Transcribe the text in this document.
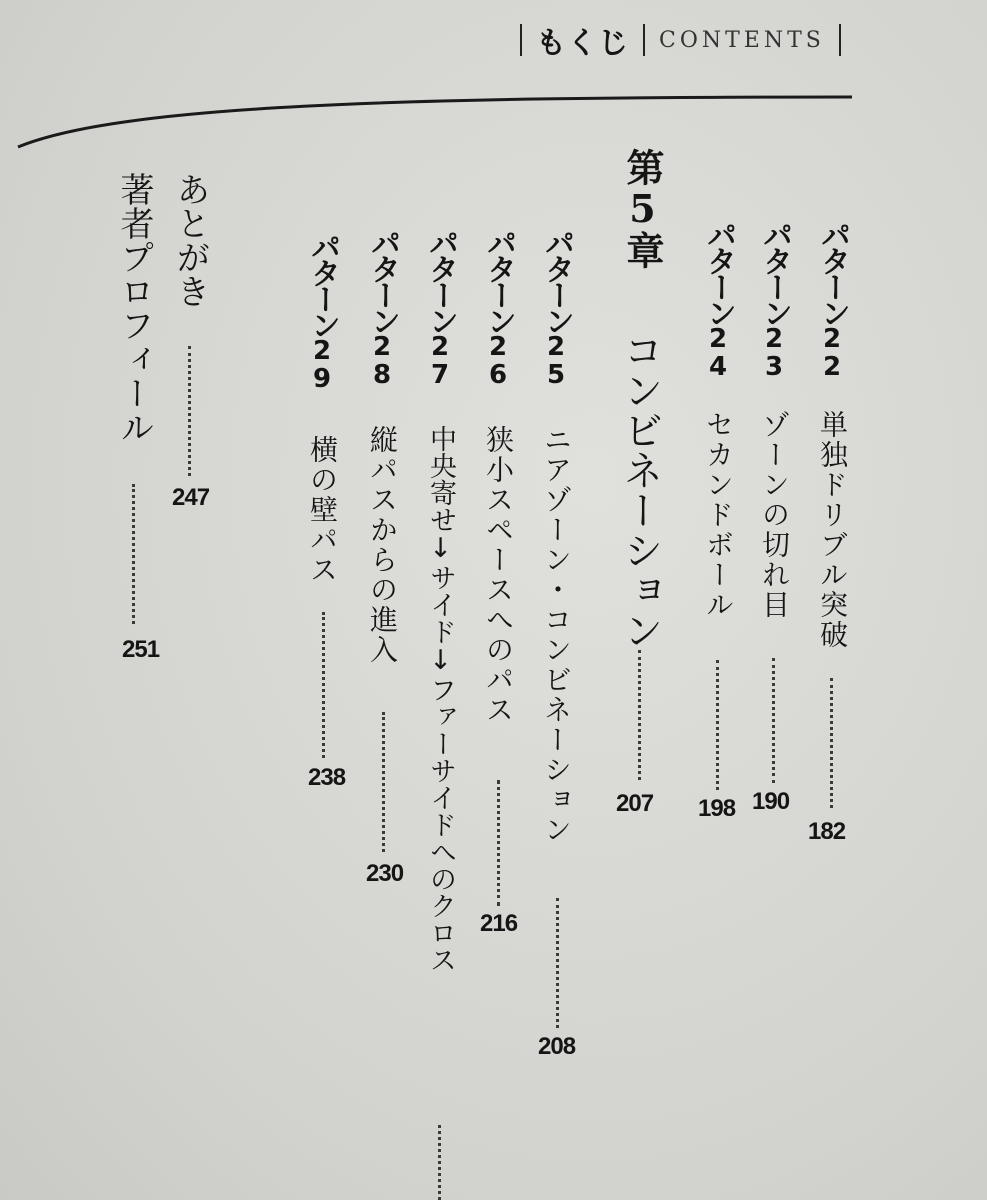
もくじ CONTENTS
パターン
22
単独ドリブル突破
182
パターン
23
ゾーンの切れ目
190
パターン
24
セカンドボール
198
第5章
コンビネーション
207
パターン
25
ニアゾーン・コンビネーション
208
パターン
26
狭小スペースへのパス
216
パターン
27
中央寄せ↓サイド↓ファーサイドへのクロス
パターン
28
縦パスからの進入
230
パターン
29
横の壁パス
238
あとがき
247
著者プロフィール
251
